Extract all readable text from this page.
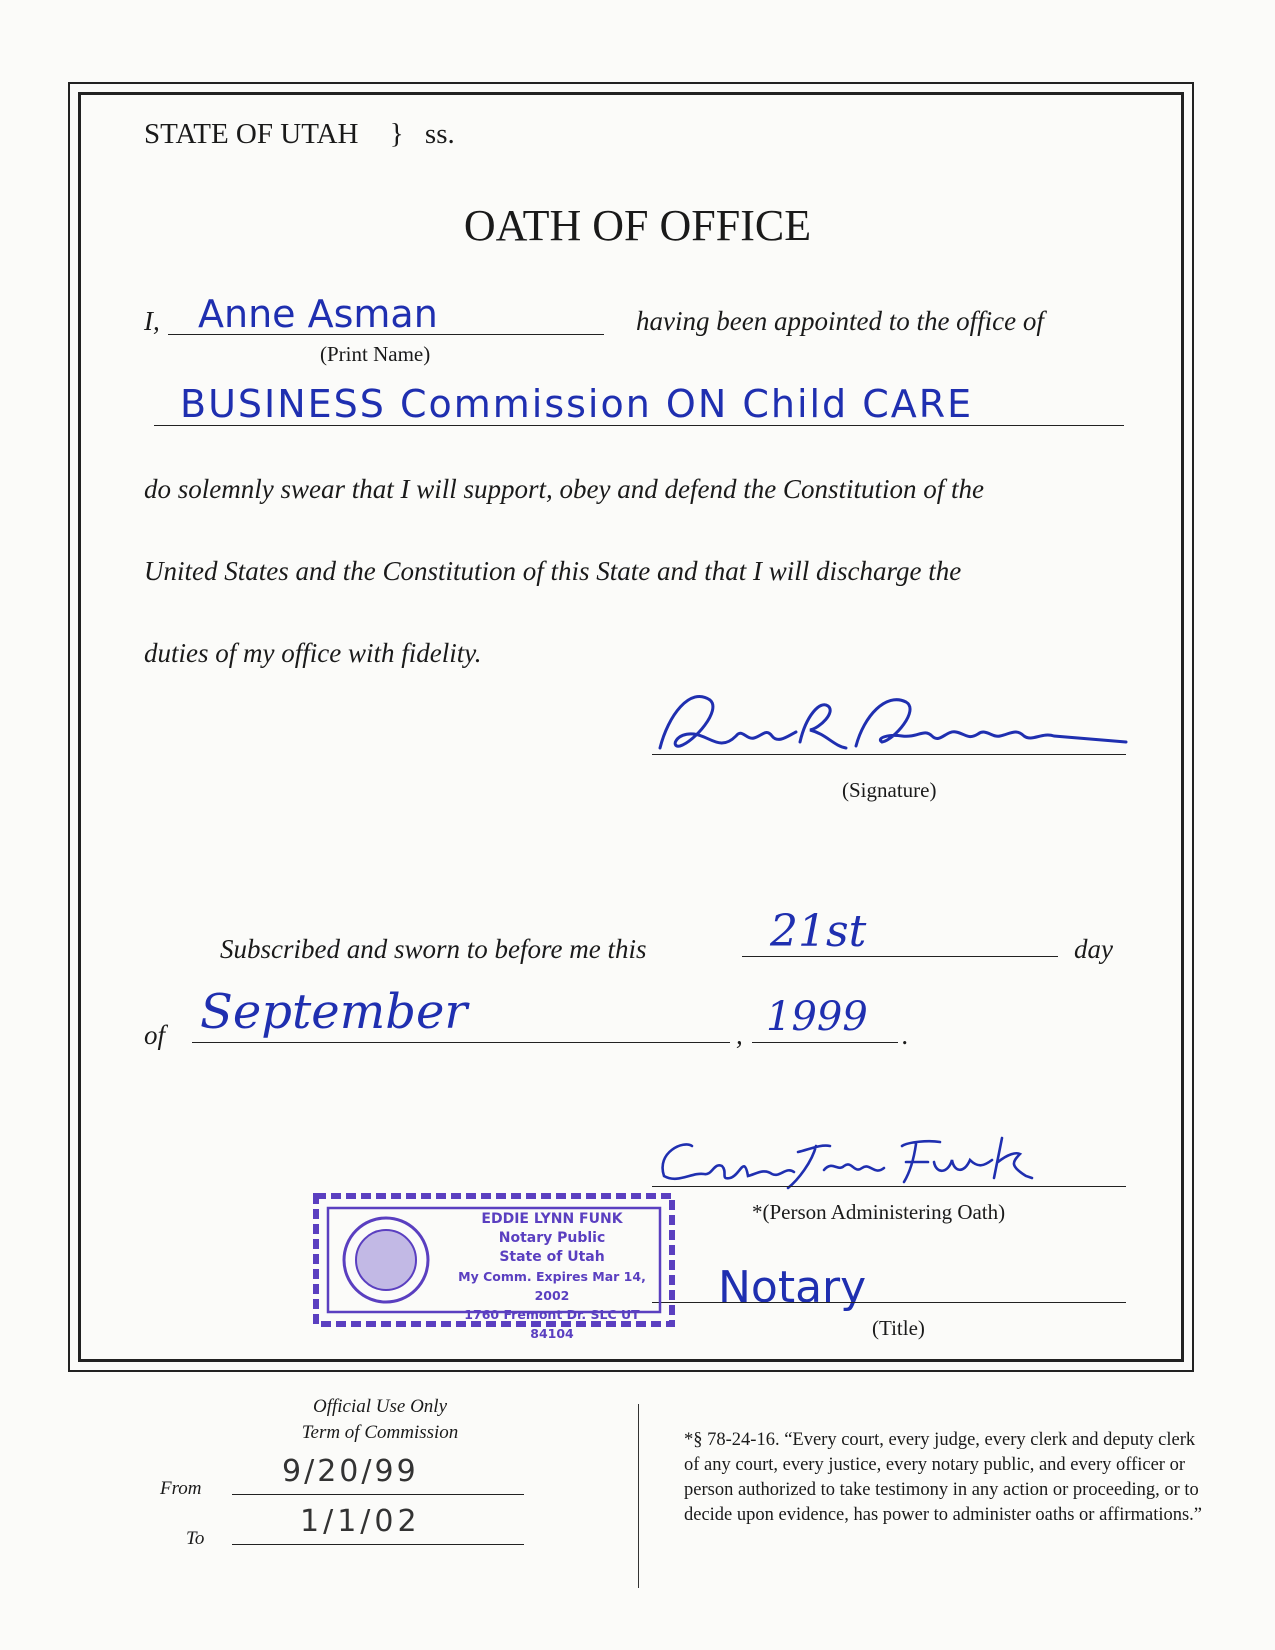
STATE OF UTAH } ss.
OATH OF OFFICE
I, Anne Asman
(Print Name)
having been appointed to the office of
BUSINESS Commission ON Child CARE
do solemnly swear that I will support, obey and defend the Constitution of the
United States and the Constitution of this State and that I will discharge the
duties of my office with fidelity.
(Signature)
Subscribed and sworn to before me this	21st	day
of September	, 1999 .
*(Person Administering Oath)
Notary
(Title)
EDDIE LYNN FUNK
Notary Public
State of Utah
My Comm. Expires Mar 14, 2002
1760 Fremont Dr. SLC UT 84104
Official Use Only
Term of Commission
From	9/20/99
To	1/1/02
*§ 78-24-16. “Every court, every judge, every clerk and deputy clerk of any court, every justice, every notary public, and every officer or person authorized to take testimony in any action or proceeding, or to decide upon evidence, has power to administer oaths or affirmations.”
